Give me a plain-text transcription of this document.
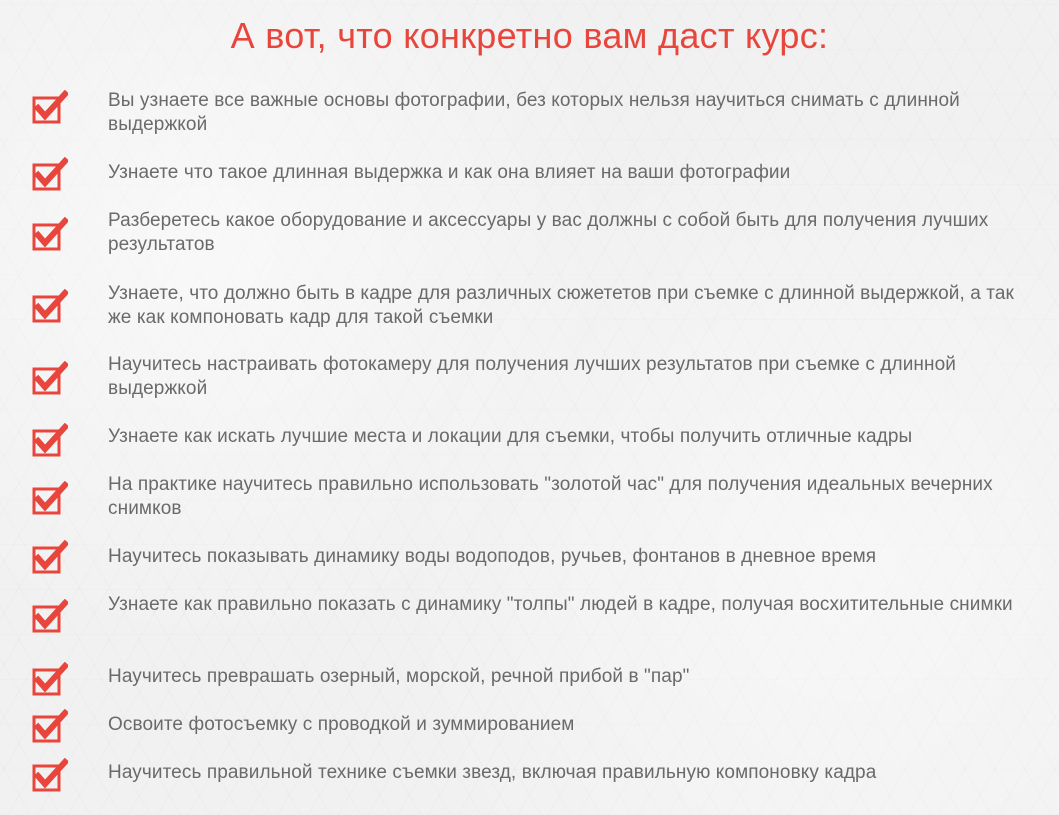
А вот, что конкретно вам даст курс:
Вы узнаете все важные основы фотографии, без которых нельзя научиться снимать с длинной выдержкой
Узнаете что такое длинная выдержка и как она влияет на ваши фотографии
Разберетесь какое оборудование и аксессуары у вас должны с собой быть для получения лучших результатов
Узнаете, что должно быть в кадре для различных сюжететов при съемке с длинной выдержкой, а так же как компоновать кадр для такой съемки
Научитесь настраивать фотокамеру для получения лучших результатов при съемке с длинной выдержкой
Узнаете как искать лучшие места и локации для съемки, чтобы получить отличные кадры
На практике научитесь правильно использовать "золотой час" для получения идеальных вечерних снимков
Научитесь показывать динамику воды водоподов, ручьев, фонтанов в дневное время
Узнаете как правильно показать с динамику "толпы" людей в кадре, получая восхитительные снимки
Научитесь преврашать озерный, морской, речной прибой в "пар"
Освоите фотосъемку с проводкой и зуммированием
Научитесь правильной технике съемки звезд, включая правильную компоновку кадра
